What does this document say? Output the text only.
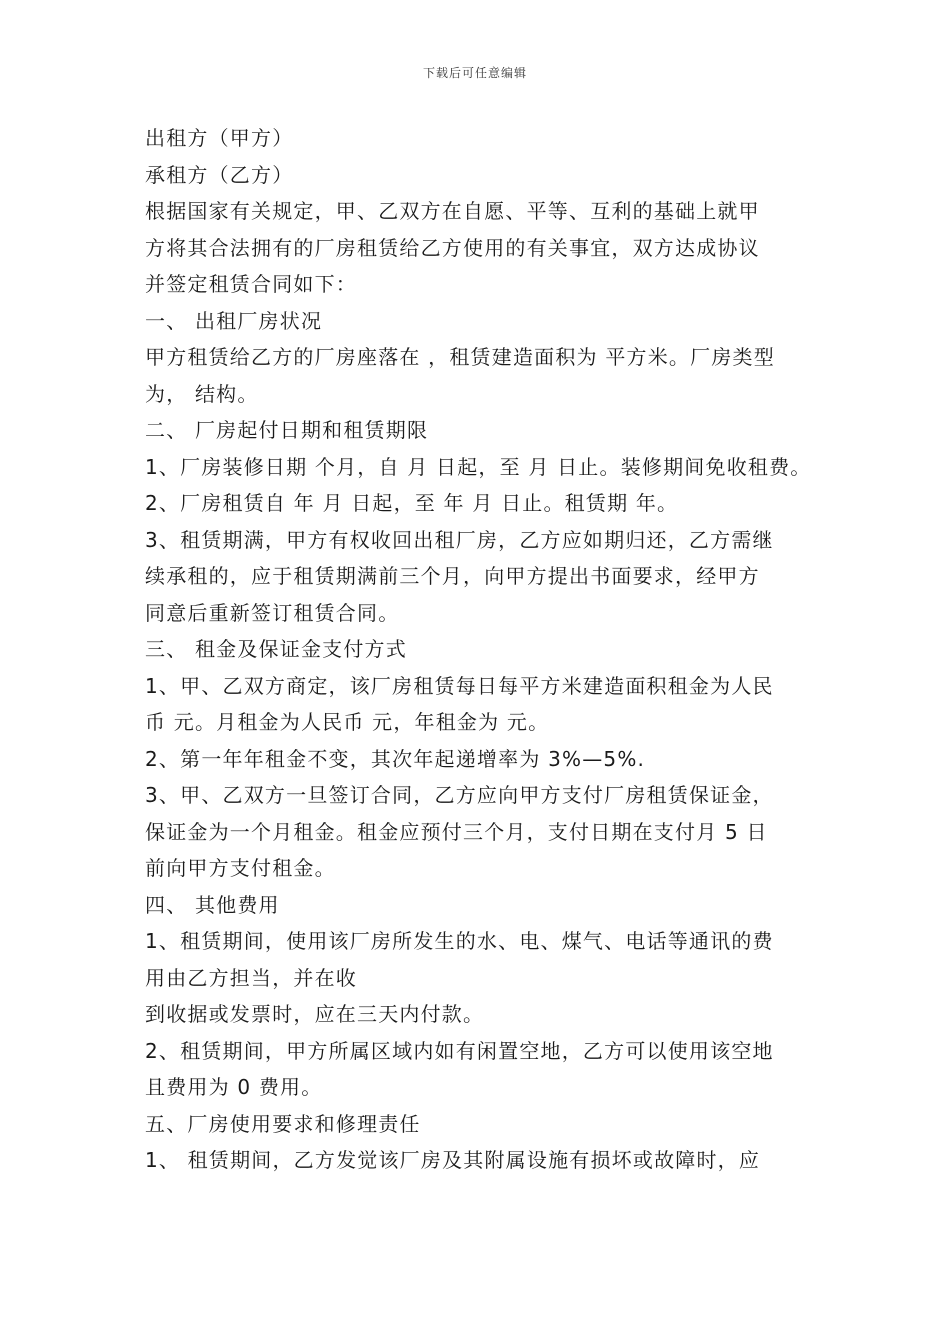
下载后可任意编辑
出租方（甲方）
承租方（乙方）
根据国家有关规定，甲、乙双方在自愿、平等、互利的基础上就甲
方将其合法拥有的厂房租赁给乙方使用的有关事宜，双方达成协议
并签定租赁合同如下：
一、 出租厂房状况
甲方租赁给乙方的厂房座落在 ，租赁建造面积为 平方米。厂房类型
为， 结构。
二、 厂房起付日期和租赁期限
1、厂房装修日期 个月，自 月 日起，至 月 日止。装修期间免收租费。
2、厂房租赁自 年 月 日起，至 年 月 日止。租赁期 年。
3、租赁期满，甲方有权收回出租厂房，乙方应如期归还，乙方需继
续承租的，应于租赁期满前三个月，向甲方提出书面要求，经甲方
同意后重新签订租赁合同。
三、 租金及保证金支付方式
1、甲、乙双方商定，该厂房租赁每日每平方米建造面积租金为人民
币 元。月租金为人民币 元，年租金为 元。
2、第一年年租金不变，其次年起递增率为 3%—5%.
3、甲、乙双方一旦签订合同，乙方应向甲方支付厂房租赁保证金，
保证金为一个月租金。租金应预付三个月，支付日期在支付月 5 日
前向甲方支付租金。
四、 其他费用
1、租赁期间，使用该厂房所发生的水、电、煤气、电话等通讯的费
用由乙方担当，并在收
到收据或发票时，应在三天内付款。
2、租赁期间，甲方所属区域内如有闲置空地，乙方可以使用该空地
且费用为 0 费用。
五、厂房使用要求和修理责任
1、 租赁期间，乙方发觉该厂房及其附属设施有损坏或故障时，应
